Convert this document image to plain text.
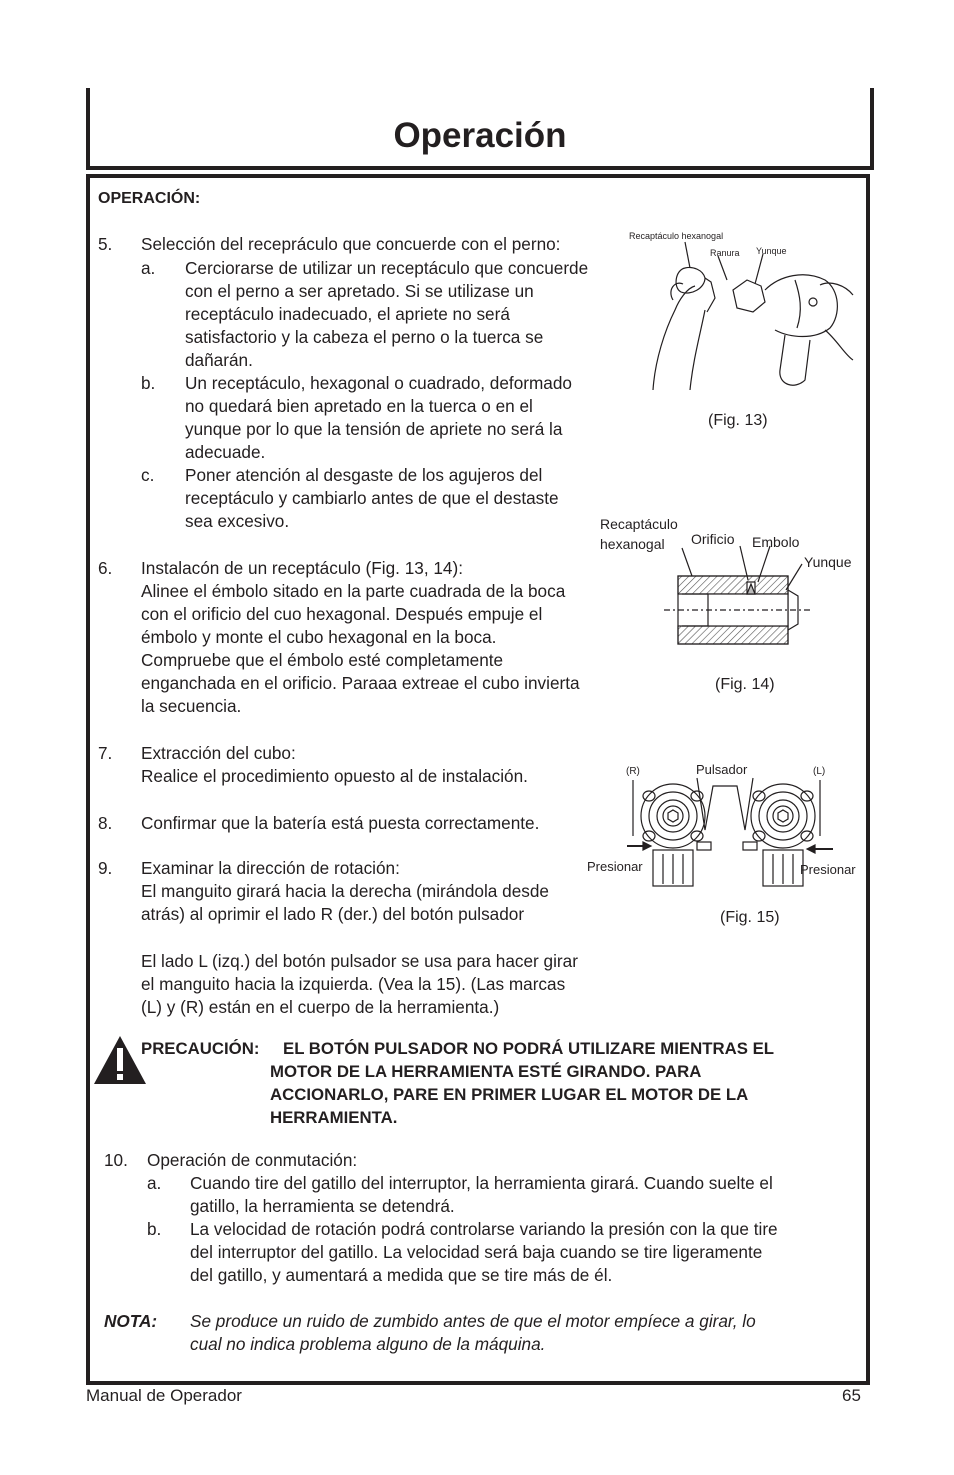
Operación
OPERACIÓN:
5. Selección del recepráculo que concuerde con el perno:
a. Cerciorarse de utilizar un receptáculo que concuerde
con el perno a ser apretado. Si se utilizase un
receptáculo inadecuado, el apriete no será
satisfactorio y la cabeza el perno o la tuerca se
dañarán.
b. Un receptáculo, hexagonal o cuadrado, deformado
no quedará bien apretado en la tuerca o en el
yunque por lo que la tensión de apriete no será la
adecuade.
c. Poner atención al desgaste de los agujeros del
receptáculo y cambiarlo antes de que el destaste
sea excesivo.
6. Instalacón de un receptáculo (Fig. 13, 14):
Alinee el émbolo sitado en la parte cuadrada de la boca
con el orificio del cuo hexagonal. Después empuje el
émbolo y monte el cubo hexagonal en la boca.
Compruebe que el émbolo esté completamente
enganchada en el orificio. Paraaa extreae el cubo invierta
la secuencia.
7. Extracción del cubo:
Realice el procedimiento opuesto al de instalación.
8. Confirmar que la batería está puesta correctamente.
9. Examinar la dirección de rotación:
El manguito girará hacia la derecha (mirándola desde
atrás) al oprimir el lado R (der.) del botón pulsador
El lado L (izq.) del botón pulsador se usa para hacer girar
el manguito hacia la izquierda. (Vea la 15). (Las marcas
(L) y (R) están en el cuerpo de la herramienta.)
PRECAUCIÓN: EL BOTÓN PULSADOR NO PODRÁ UTILIZARE MIENTRAS EL
MOTOR DE LA HERRAMIENTA ESTÉ GIRANDO. PARA
ACCIONARLO, PARE EN PRIMER LUGAR EL MOTOR DE LA
HERRAMIENTA.
10. Operación de conmutación:
a. Cuando tire del gatillo del interruptor, la herramienta girará. Cuando suelte el
gatillo, la herramienta se detendrá.
b. La velocidad de rotación podrá controlarse variando la presión con la que tire
del interruptor del gatillo. La velocidad será baja cuando se tire ligeramente
del gatillo, y aumentará a medida que se tire más de él.
NOTA: Se produce un ruido de zumbido antes de que el motor empíece a girar, lo
cual no indica problema alguno de la máquina.
Recaptáculo hexanogal
Ranura Yunque
(Fig. 13)
Recaptáculo
hexanogal Orificio Embolo
Yunque
(Fig. 14)
(R)	Pulsador	(L)
Presionar	Presionar
(Fig. 15)
Manual de Operador	65
